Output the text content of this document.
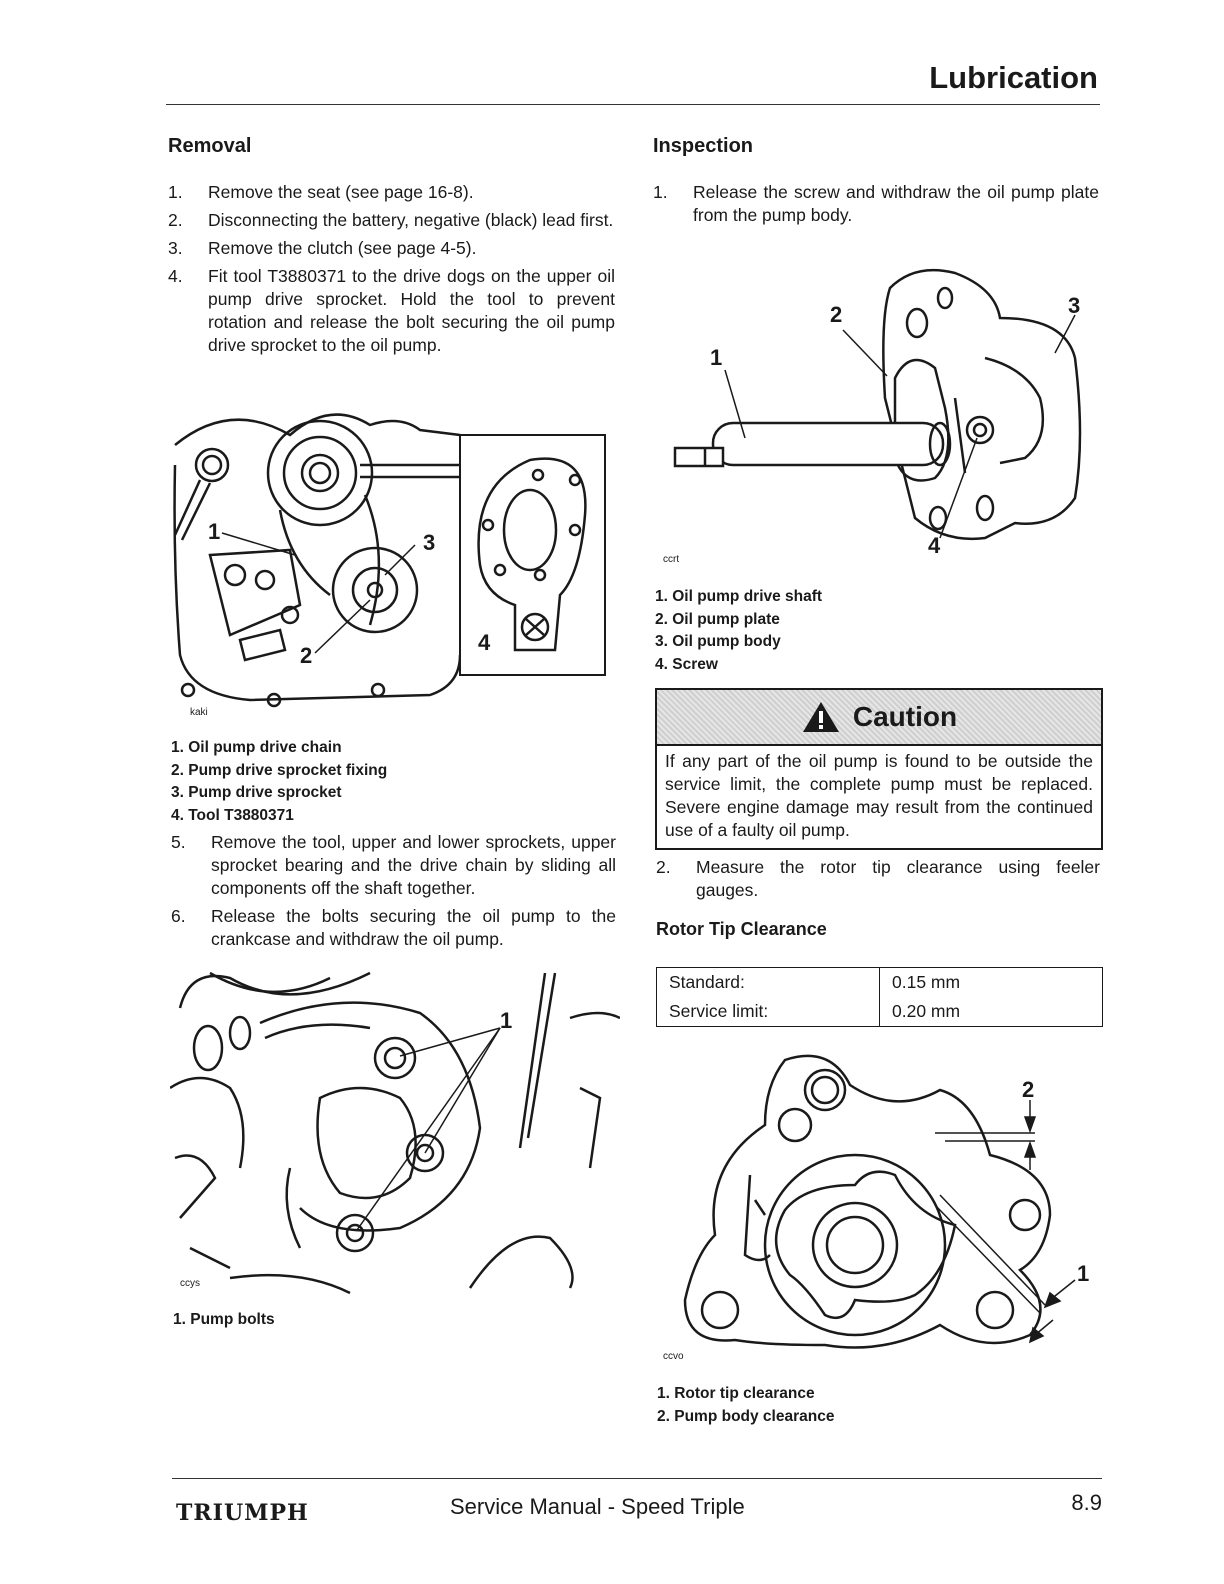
Lubrication
Removal
1. Remove the seat (see page 16-8).
2. Disconnecting the battery, negative (black) lead first.
3. Remove the clutch (see page 4-5).
4. Fit tool T3880371 to the drive dogs on the upper oil pump drive sprocket. Hold the tool to prevent rotation and release the bolt securing the oil pump drive sprocket to the oil pump.
1
2
3
4
kaki
1. Oil pump drive chain
2. Pump drive sprocket fixing
3. Pump drive sprocket
4. Tool T3880371
5. Remove the tool, upper and lower sprockets, upper sprocket bearing and the drive chain by sliding all components off the shaft together.
6. Release the bolts securing the oil pump to the crankcase and withdraw the oil pump.
1
ccys
1. Pump bolts
Inspection
1. Release the screw and withdraw the oil pump plate from the pump body.
1
2	3
4
ccrt
1. Oil pump drive shaft
2. Oil pump plate
3. Oil pump body
4. Screw
Caution
If any part of the oil pump is found to be outside the service limit, the complete pump must be replaced. Severe engine damage may result from the continued use of a faulty oil pump.
2. Measure the rotor tip clearance using feeler gauges.
Rotor Tip Clearance
Standard:	0.15 mm
Service limit:	0.20 mm
2
1
ccvo
1. Rotor tip clearance
2. Pump body clearance
TRIUMPH	Service Manual - Speed Triple	8.9
